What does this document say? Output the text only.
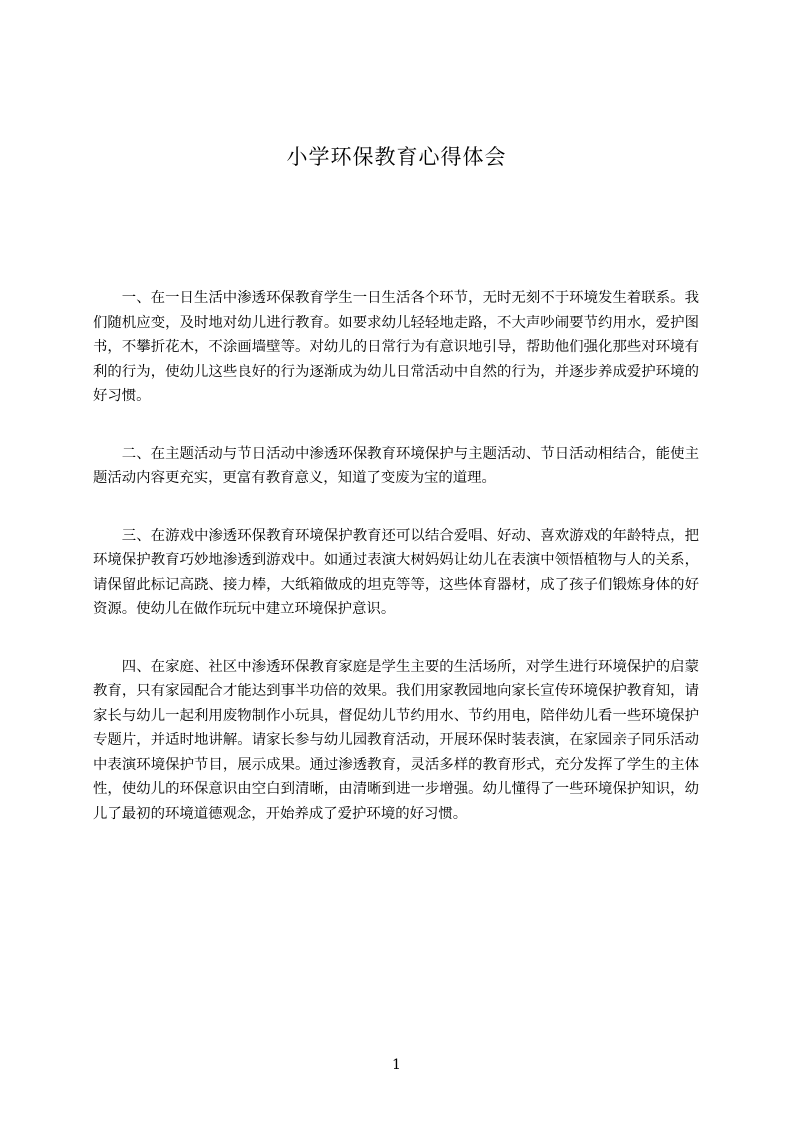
小学环保教育心得体会

一、在一日生活中渗透环保教育学生一日生活各个环节，无时无刻不于环境发生着联系。我们随机应变，及时地对幼儿进行教育。如要求幼儿轻轻地走路，不大声吵闹要节约用水，爱护图书，不攀折花木，不涂画墙壁等。对幼儿的日常行为有意识地引导，帮助他们强化那些对环境有利的行为，使幼儿这些良好的行为逐渐成为幼儿日常活动中自然的行为，并逐步养成爱护环境的好习惯。

二、在主题活动与节日活动中渗透环保教育环境保护与主题活动、节日活动相结合，能使主题活动内容更充实，更富有教育意义，知道了变废为宝的道理。

三、在游戏中渗透环保教育环境保护教育还可以结合爱唱、好动、喜欢游戏的年龄特点，把环境保护教育巧妙地渗透到游戏中。如通过表演大树妈妈让幼儿在表演中领悟植物与人的关系，请保留此标记高跷、接力棒，大纸箱做成的坦克等等，这些体育器材，成了孩子们锻炼身体的好资源。使幼儿在做作玩玩中建立环境保护意识。

四、在家庭、社区中渗透环保教育家庭是学生主要的生活场所，对学生进行环境保护的启蒙教育，只有家园配合才能达到事半功倍的效果。我们用家教园地向家长宣传环境保护教育知，请家长与幼儿一起利用废物制作小玩具，督促幼儿节约用水、节约用电，陪伴幼儿看一些环境保护专题片，并适时地讲解。请家长参与幼儿园教育活动，开展环保时装表演，在家园亲子同乐活动中表演环境保护节目，展示成果。通过渗透教育，灵活多样的教育形式，充分发挥了学生的主体性，使幼儿的环保意识由空白到清晰，由清晰到进一步增强。幼儿懂得了一些环境保护知识，幼儿了最初的环境道德观念，开始养成了爱护环境的好习惯。

1
